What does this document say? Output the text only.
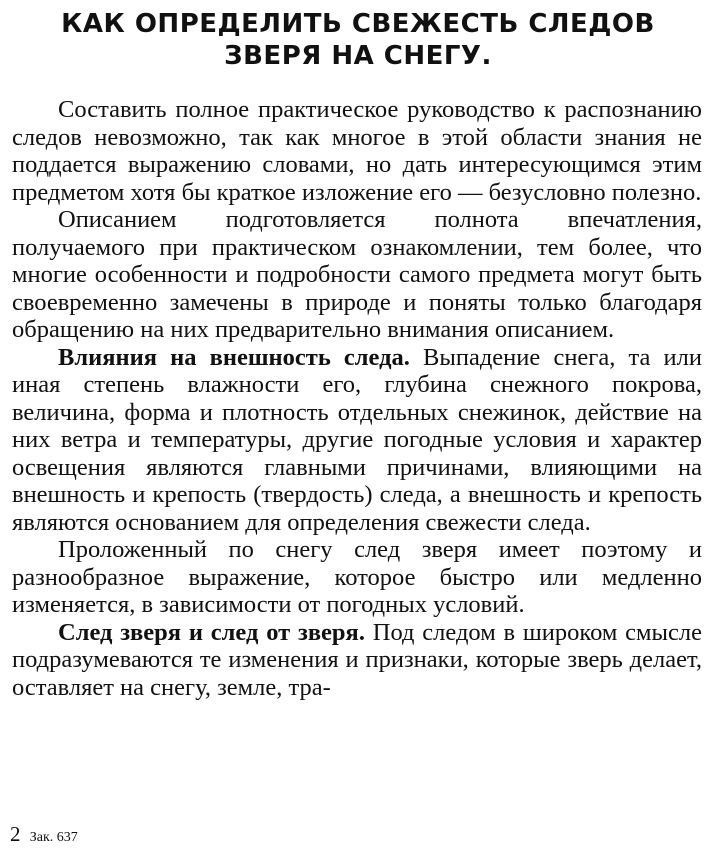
КАК ОПРЕДЕЛИТЬ СВЕЖЕСТЬ СЛЕДОВ
ЗВЕРЯ НА СНЕГУ.

Составить полное практическое руководство к распознанию следов невозможно, так как многое в этой области знания не поддается выражению словами, но дать интересующимся этим предметом хотя бы краткое изложение его — безусловно полезно.

Описанием подготовляется полнота впечатления, получаемого при практическом ознакомлении, тем более, что многие особенности и подробности самого предмета могут быть своевременно замечены в природе и поняты только благодаря обращению на них предварительно внимания описанием.

Влияния на внешность следа. Выпадение снега, та или иная степень влажности его, глубина снежного покрова, величина, форма и плотность отдельных снежинок, действие на них ветра и температуры, другие погодные условия и характер освещения являются главными причинами, влияющими на внешность и крепость (твердость) следа, а внешность и крепость являются основанием для определения свежести следа.

Проложенный по снегу след зверя имеет поэтому и разнообразное выражение, которое быстро или медленно изменяется, в зависимости от погодных условий.

След зверя и след от зверя. Под следом в широком смысле подразумеваются те изменения и признаки, которые зверь делает, оставляет на снегу, земле, тра-

2 Зак. 637
